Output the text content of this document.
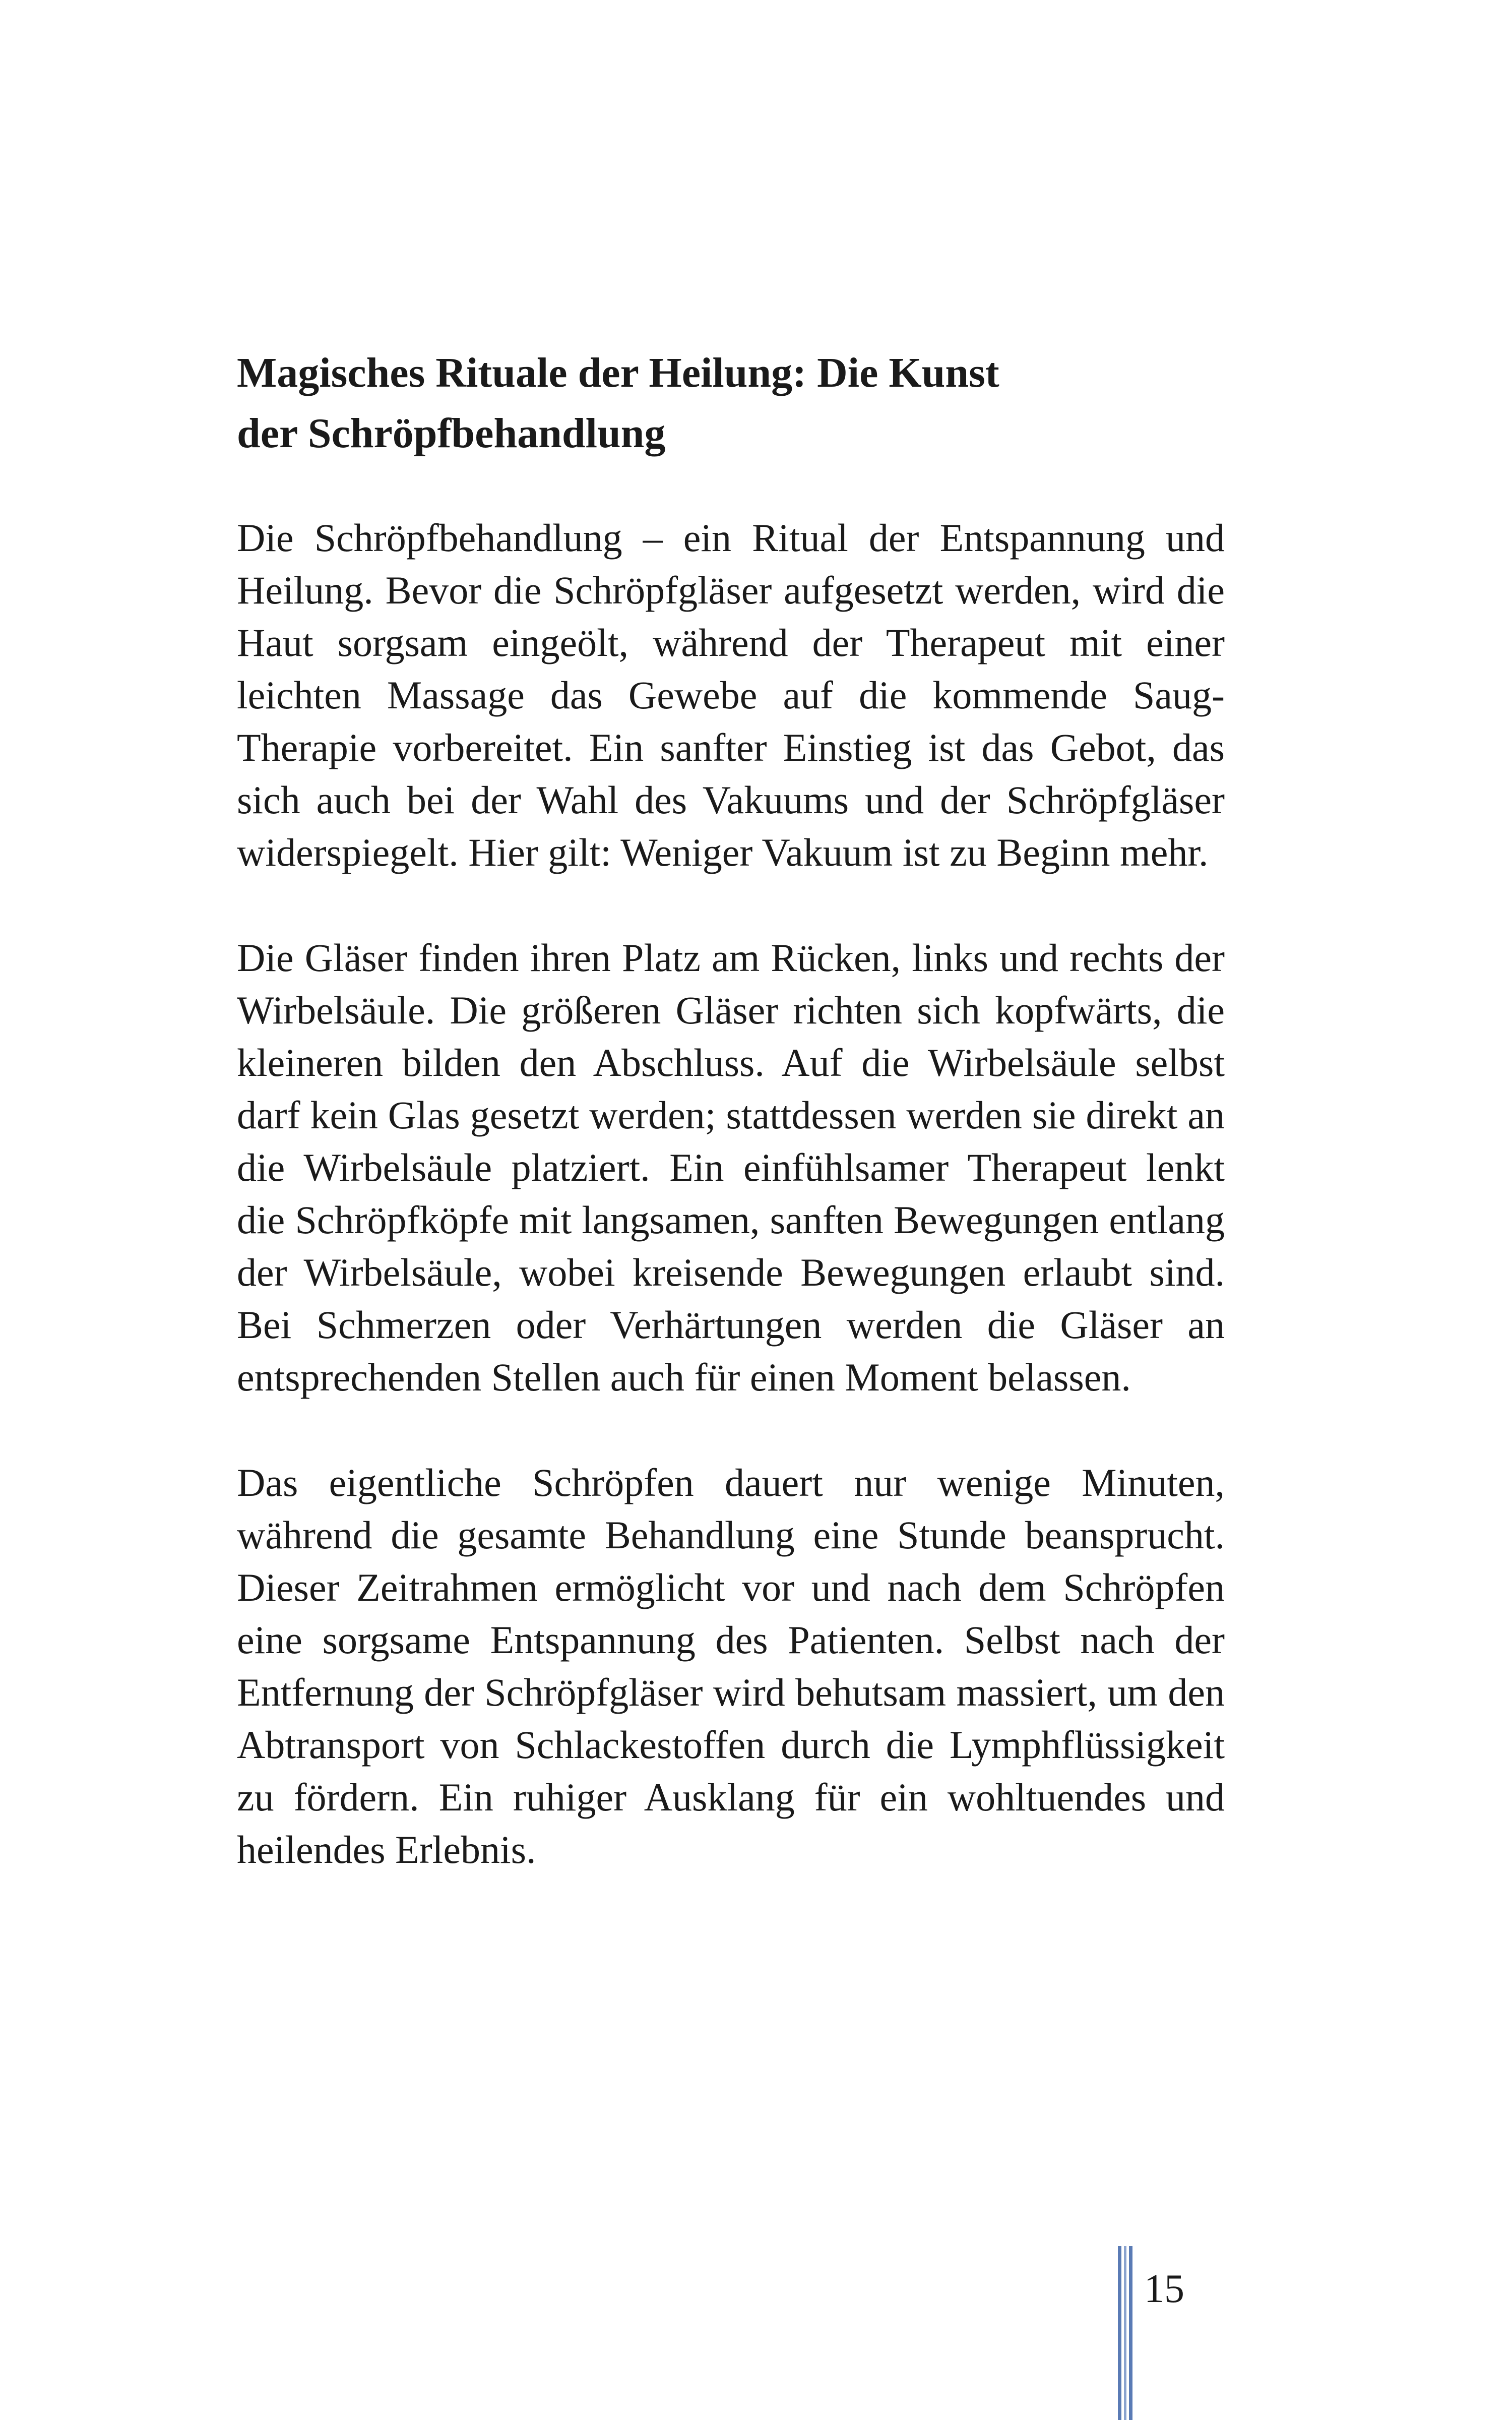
Magisches Rituale der Heilung: Die Kunst
der Schröpfbehandlung

Die Schröpfbehandlung – ein Ritual der Entspannung und Heilung. Bevor die Schröpfgläser aufgesetzt werden, wird die Haut sorgsam eingeölt, während der Therapeut mit einer leichten Massage das Gewebe auf die kommende Saug-Therapie vorbereitet. Ein sanfter Einstieg ist das Gebot, das sich auch bei der Wahl des Vakuums und der Schröpfgläser widerspiegelt. Hier gilt: Weniger Vakuum ist zu Beginn mehr.

Die Gläser finden ihren Platz am Rücken, links und rechts der Wirbelsäule. Die größeren Gläser richten sich kopfwärts, die kleineren bilden den Abschluss. Auf die Wirbelsäule selbst darf kein Glas gesetzt werden; stattdessen werden sie direkt an die Wirbelsäule platziert. Ein einfühlsamer Therapeut lenkt die Schröpfköpfe mit langsamen, sanften Bewegungen entlang der Wirbelsäule, wobei kreisende Bewegungen erlaubt sind. Bei Schmerzen oder Verhärtungen werden die Gläser an entsprechenden Stellen auch für einen Moment belassen.

Das eigentliche Schröpfen dauert nur wenige Minuten, während die gesamte Behandlung eine Stunde beansprucht. Dieser Zeitrahmen ermöglicht vor und nach dem Schröpfen eine sorgsame Entspannung des Patienten. Selbst nach der Entfernung der Schröpfgläser wird behutsam massiert, um den Abtransport von Schlackestoffen durch die Lymphflüssigkeit zu fördern. Ein ruhiger Ausklang für ein wohltuendes und heilendes Erlebnis.

15
